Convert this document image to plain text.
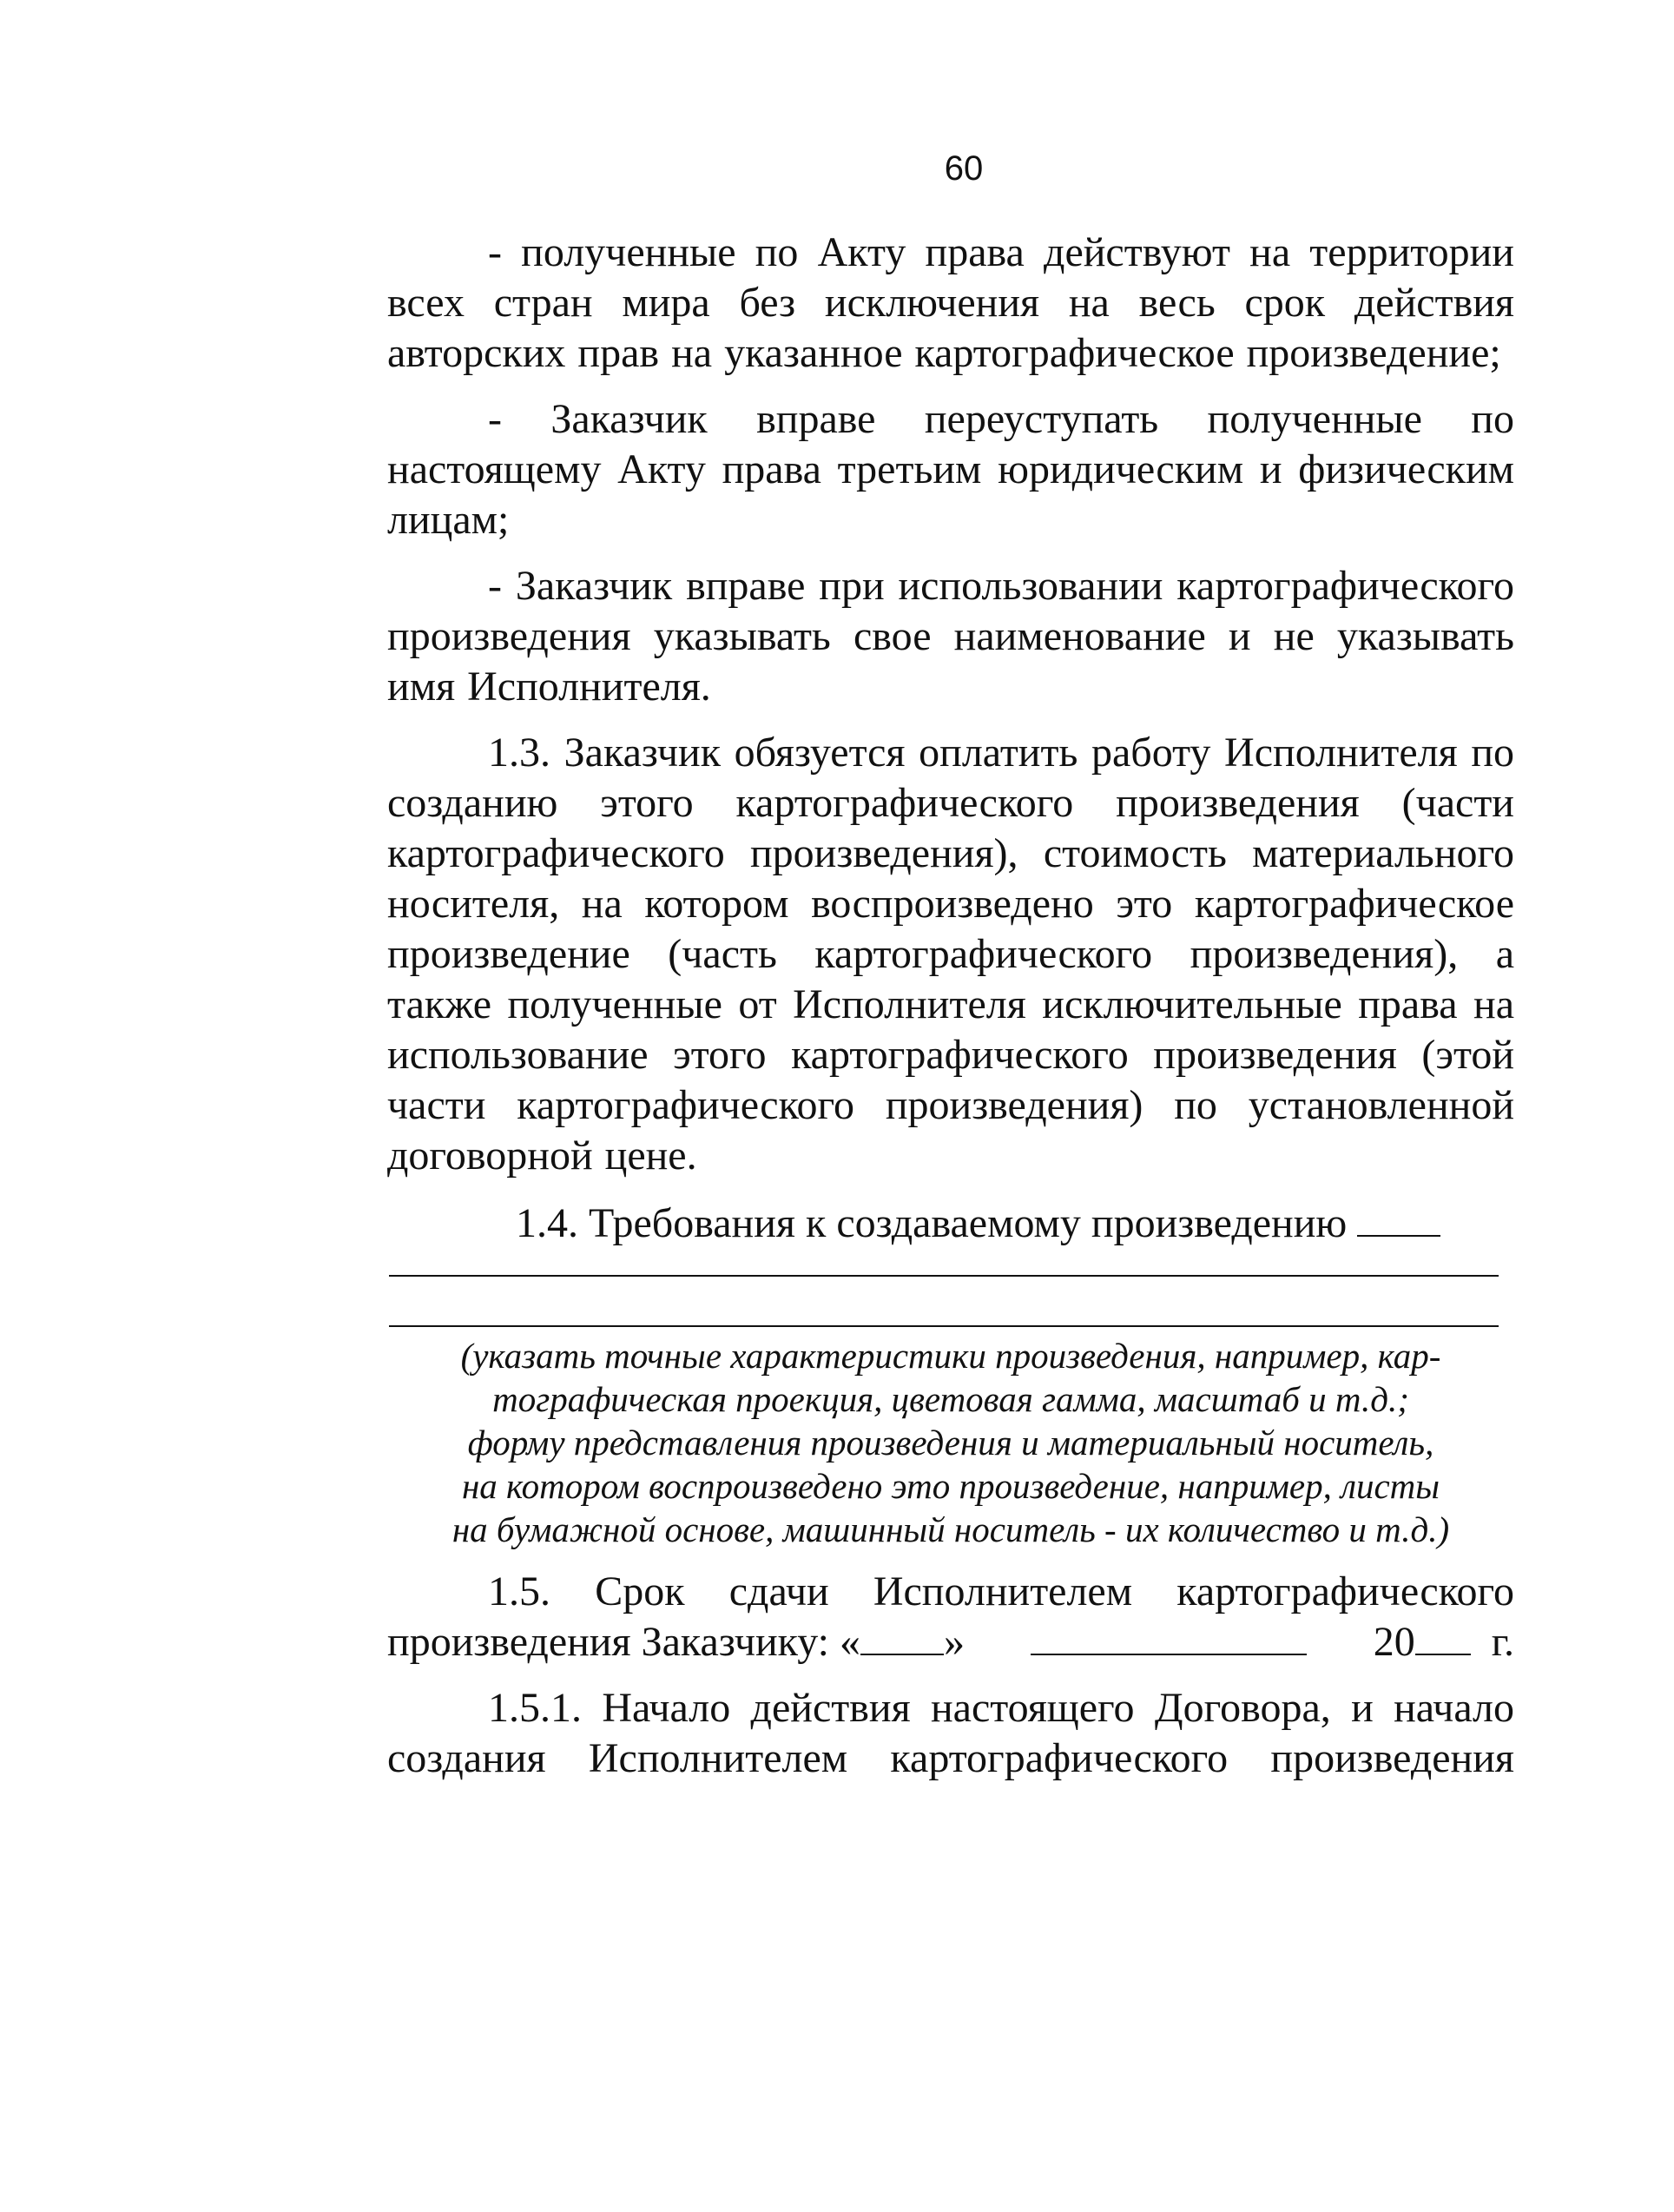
60

- полученные по Акту права действуют на территории всех стран мира без исключения на весь срок действия авторских прав на указанное картографическое произведение;

- Заказчик вправе переуступать полученные по настоящему Акту права третьим юридическим и физическим лицам;

- Заказчик вправе при использовании картографического произведения указывать свое наименование и не указывать имя Исполнителя.

1.3. Заказчик обязуется оплатить работу Исполнителя по созданию этого картографического произведения (части картографического произведения), стоимость материального носителя, на котором воспроизведено это картографическое произведение (часть картографического произведения), а также полученные от Исполнителя исключительные права на использование этого картографического произведения (этой части картографического произведения) по установленной договорной цене.

1.4. Требования к создаваемому произведению

(указать точные характеристики произведения, например, кар-
тографическая проекция, цветовая гамма, масштаб и т.д.;
форму представления произведения и материальный носитель,
на котором воспроизведено это произведение, например, листы
на бумажной основе, машинный носитель - их количество и т.д.)

1.5. Срок сдачи Исполнителем картографического

произведения Заказчику: « »	20 г.

1.5.1. Начало действия настоящего Договора, и начало создания Исполнителем картографического произведения
